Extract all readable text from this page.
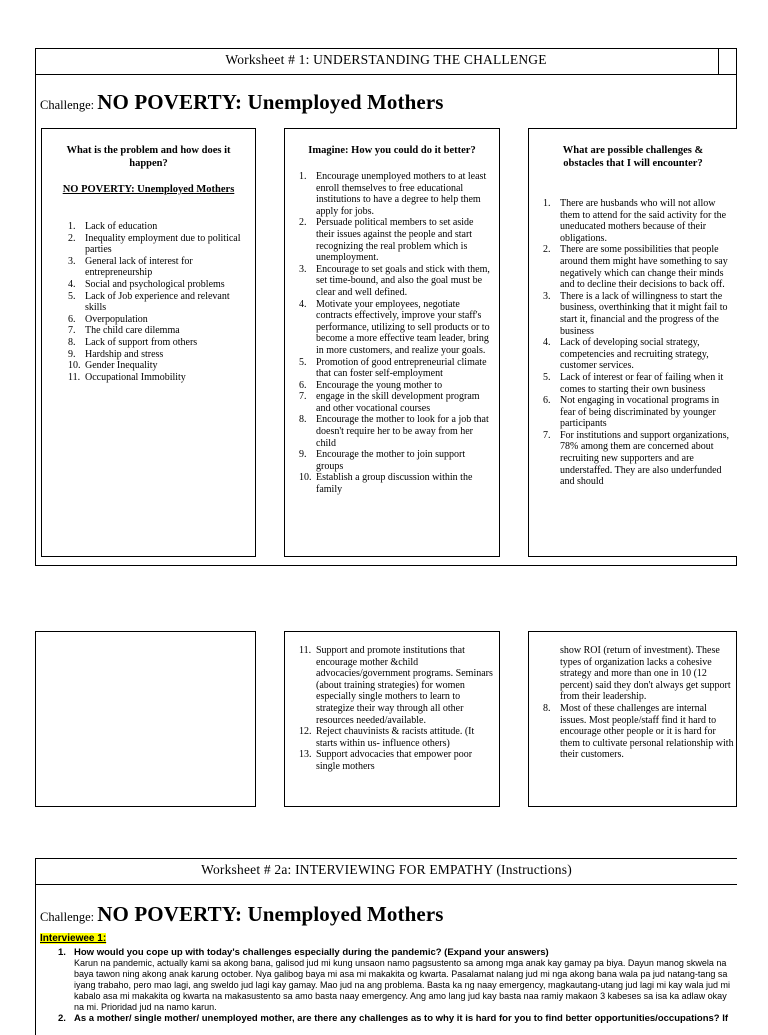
Worksheet # 1: UNDERSTANDING THE CHALLENGE
Challenge: NO POVERTY: Unemployed Mothers
What is the problem and how does it happen?
NO POVERTY: Unemployed Mothers
1. Lack of education
2. Inequality employment due to political parties
3. General lack of interest for entrepreneurship
4. Social and psychological problems
5. Lack of Job experience and relevant skills
6. Overpopulation
7. The child care dilemma
8. Lack of support from others
9. Hardship and stress
10. Gender Inequality
11. Occupational Immobility
Imagine: How you could do it better?
1. Encourage unemployed mothers to at least enroll themselves to free educational institutions to have a degree to help them apply for jobs.
2. Persuade political members to set aside their issues against the people and start recognizing the real problem which is unemployment.
3. Encourage to set goals and stick with them, set time-bound, and also the goal must be clear and well defined.
4. Motivate your employees, negotiate contracts effectively, improve your staff's performance, utilizing to sell products or to become a more effective team leader, bring in more customers, and realize your goals.
5. Promotion of good entrepreneurial climate that can foster self-employment
6. Encourage the young mother to
7. engage in the skill development program and other vocational courses
8. Encourage the mother to look for a job that doesn't require her to be away from her child
9. Encourage the mother to join support groups
10. Establish a group discussion within the family
What are possible challenges & obstacles that I will encounter?
1. There are husbands who will not allow them to attend for the said activity for the uneducated mothers because of their obligations.
2. There are some possibilities that people around them might have something to say negatively which can change their minds and to decline their decisions to back off.
3. There is a lack of willingness to start the business, overthinking that it might fail to start it, financial and the progress of the business
4. Lack of developing social strategy, competencies and recruiting strategy, customer services.
5. Lack of interest or fear of failing when it comes to starting their own business
6. Not engaging in vocational programs in fear of being discriminated by younger participants
7. For institutions and support organizations, 78% among them are concerned about recruiting new supporters and are understaffed. They are also underfunded and should
11. Support and promote institutions that encourage mother &child advocacies/government programs. Seminars (about training strategies) for women especially single mothers to learn to strategize their way through all other resources needed/available.
12. Reject chauvinists & racists attitude. (It starts within us- influence others)
13. Support advocacies that empower poor single mothers

show ROI (return of investment). These types of organization lacks a cohesive strategy and more than one in 10 (12 percent) said they don't always get support from their leadership.

8. Most of these challenges are internal issues. Most people/staff find it hard to encourage other people or it is hard for them to cultivate personal relationship with their customers.
Worksheet # 2a: INTERVIEWING FOR EMPATHY (Instructions)
Challenge: NO POVERTY: Unemployed Mothers
Interviewee 1:
1. How would you cope up with today's challenges especially during the pandemic? (Expand your answers)
Karun na pandemic, actually kami sa akong bana, galisod jud mi kung unsaon namo pagsustento sa among mga anak kay gamay pa biya. Dayun manog skwela na baya tawon ning akong anak karung october. Nya galibog baya mi asa mi makakita og kwarta. Pasalamat nalang jud mi nga akong bana wala pa jud natang-tang sa iyang trabaho, pero mao lagi, ang sweldo jud lagi kay gamay. Mao jud na ang problema. Basta ka ng naay emergency, magkautang-utang jud lagi mi kay wala jud mi kabalo asa mi makakita og kwarta na makasustento sa amo basta naay emergency. Ang amo lang jud kay basta naa ramiy makaon 3 kabeses sa isa ka adlaw okay na mi. Prioridad jud na namo karun.
2. As a mother/ single mother/ unemployed mother, are there any challenges as to why it is hard for you to find better opportunities/occupations? If
